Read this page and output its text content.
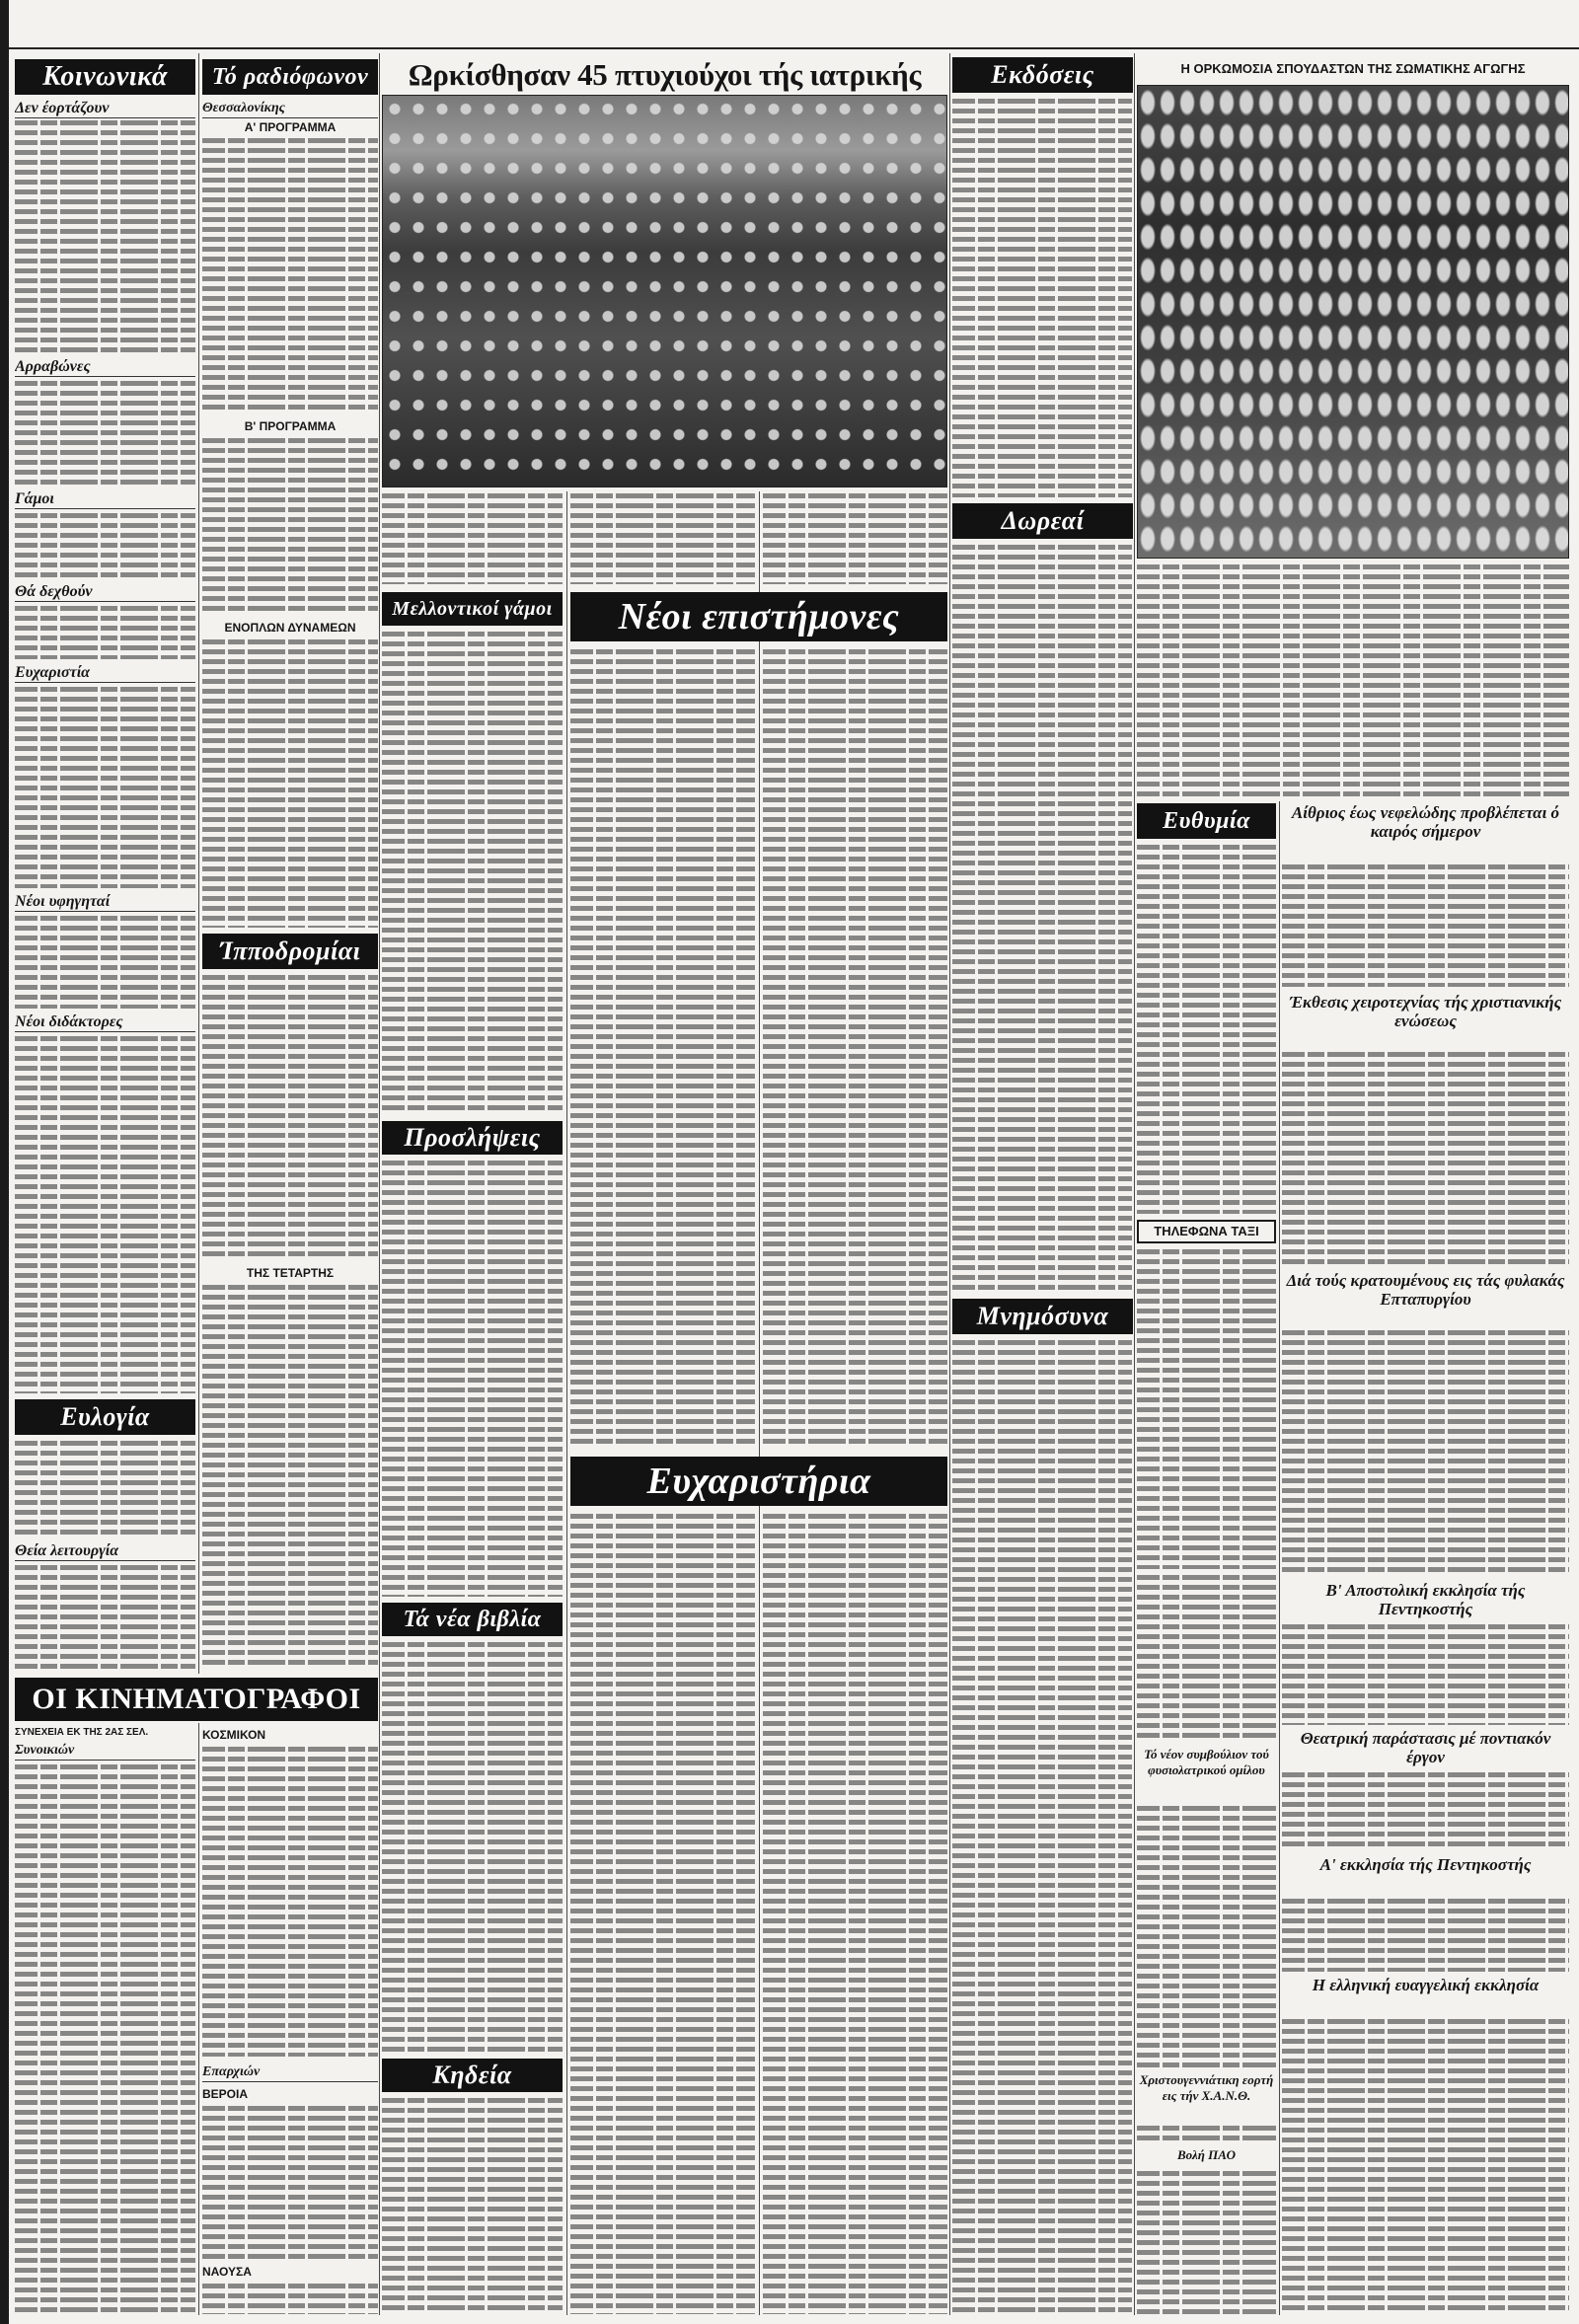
Κοινωνικά
Δεν έορτάζουν
Αρραβώνες
Γάμοι
Θά δεχθούν
Ευχαριστία
Νέοι υφηγηταί
Νέοι διδάκτορες
Ευλογία
Θεία λειτουργία
Τό ραδιόφωνον
Θεσσαλονίκης
Α' ΠΡΟΓΡΑΜΜΑ
Β' ΠΡΟΓΡΑΜΜΑ
ΕΝΟΠΛΩΝ ΔΥΝΑΜΕΩΝ
Ίπποδρομίαι
ΤΗΣ ΤΕΤΑΡΤΗΣ
ΟΙ ΚΙΝΗΜΑΤΟΓΡΑΦΟΙ
ΣΥΝΕΧΕΙΑ ΕΚ ΤΗΣ 2ΑΣ ΣΕΛ.
Συνοικιών
ΚΟΣΜΙΚΟΝ
Επαρχιών
ΒΕΡΟΙΑ
ΝΑΟΥΣΑ
Ωρκίσθησαν 45 πτυχιούχοι τής ιατρικής
Μελλοντικοί γάμοι	Νέοι επιστήμονες
Προσλήψεις
Ευχαριστήρια
Τά νέα βιβλία
Κηδεία
Εκδόσεις
Δωρεαί
Μνημόσυνα
Η ΟΡΚΩΜΟΣΙΑ ΣΠΟΥΔΑΣΤΩΝ ΤΗΣ ΣΩΜΑΤΙΚΗΣ ΑΓΩΓΗΣ
Ευθυμία
ΤΗΛΕΦΩΝΑ ΤΑΞΙ
Τό νέον συμβούλιον τού φυσιολατρικού ομίλου
Χριστουγεννιάτικη εορτή εις τήν Χ.Α.Ν.Θ.
Βολή ΠΑΟ
Αίθριος έως νεφελώδης προβλέπεται ό καιρός σήμερον
Έκθεσις χειροτεχνίας τής χριστιανικής ενώσεως
Διά τούς κρατουμένους εις τάς φυλακάς Επταπυργίου
Β' Αποστολική εκκλησία τής Πεντηκοστής
Θεατρική παράστασις μέ ποντιακόν έργον
Α' εκκλησία τής Πεντηκοστής
Η ελληνική ευαγγελική εκκλησία
